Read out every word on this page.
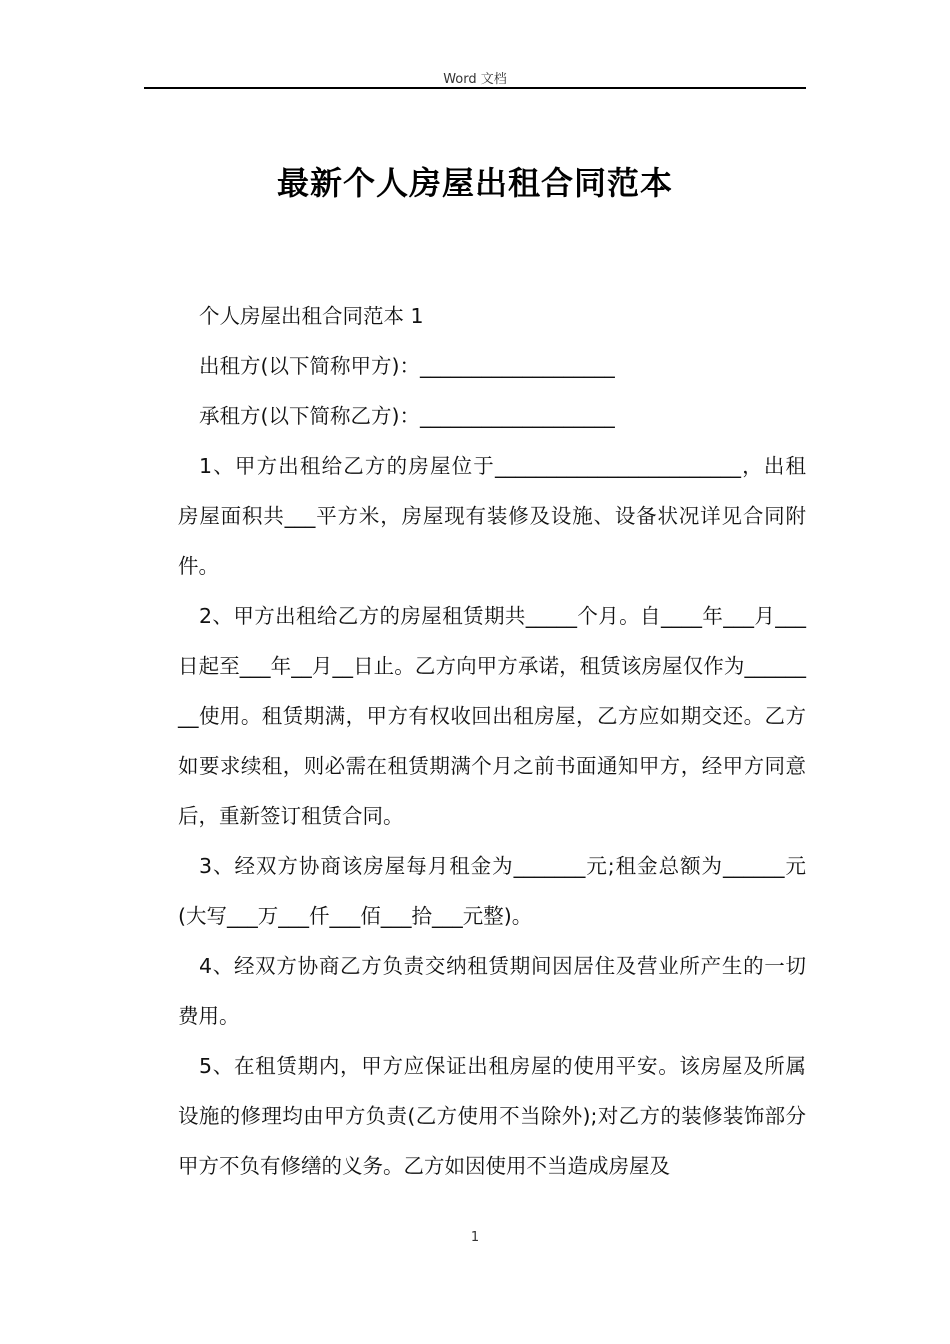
Word 文档
最新个人房屋出租合同范本

个人房屋出租合同范本 1

出租方(以下简称甲方)：___________________

承租方(以下简称乙方)：___________________

1、甲方出租给乙方的房屋位于________________________，出租房屋面积共___平方米，房屋现有装修及设施、设备状况详见合同附件。

2、甲方出租给乙方的房屋租赁期共_____个月。自____年___月___日起至___年__月__日止。乙方向甲方承诺，租赁该房屋仅作为________使用。租赁期满，甲方有权收回出租房屋，乙方应如期交还。乙方如要求续租，则必需在租赁期满个月之前书面通知甲方，经甲方同意后，重新签订租赁合同。

3、经双方协商该房屋每月租金为_______元;租金总额为______元(大写___万___仟___佰___拾___元整)。

4、经双方协商乙方负责交纳租赁期间因居住及营业所产生的一切费用。

5、在租赁期内，甲方应保证出租房屋的使用平安。该房屋及所属设施的修理均由甲方负责(乙方使用不当除外);对乙方的装修装饰部分甲方不负有修缮的义务。乙方如因使用不当造成房屋及

1
